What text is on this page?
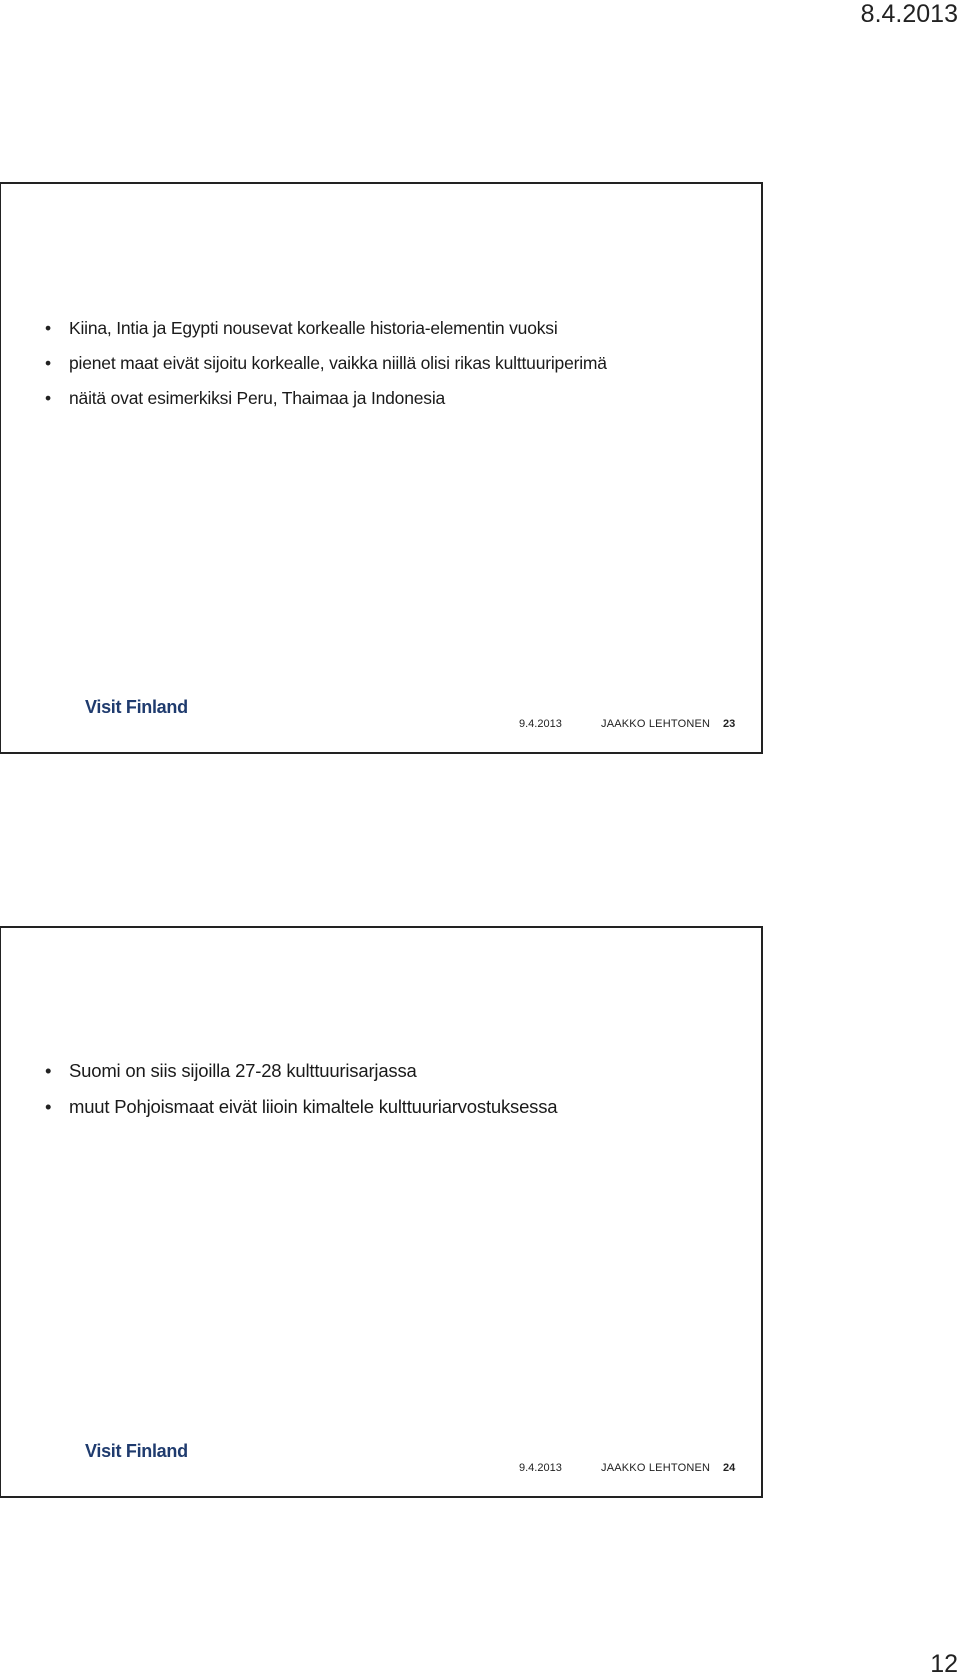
8.4.2013
• Kiina, Intia ja Egypti nousevat korkealle historia-elementin vuoksi
• pienet maat eivät sijoitu korkealle, vaikka niillä olisi rikas kulttuuriperimä
• näitä ovat esimerkiksi Peru, Thaimaa ja Indonesia
Visit Finland
9.4.2013	JAAKKO LEHTONEN 23
• Suomi on siis sijoilla 27-28 kulttuurisarjassa
• muut Pohjoismaat eivät liioin kimaltele kulttuuriarvostuksessa
Visit Finland
9.4.2013	JAAKKO LEHTONEN 24
12
